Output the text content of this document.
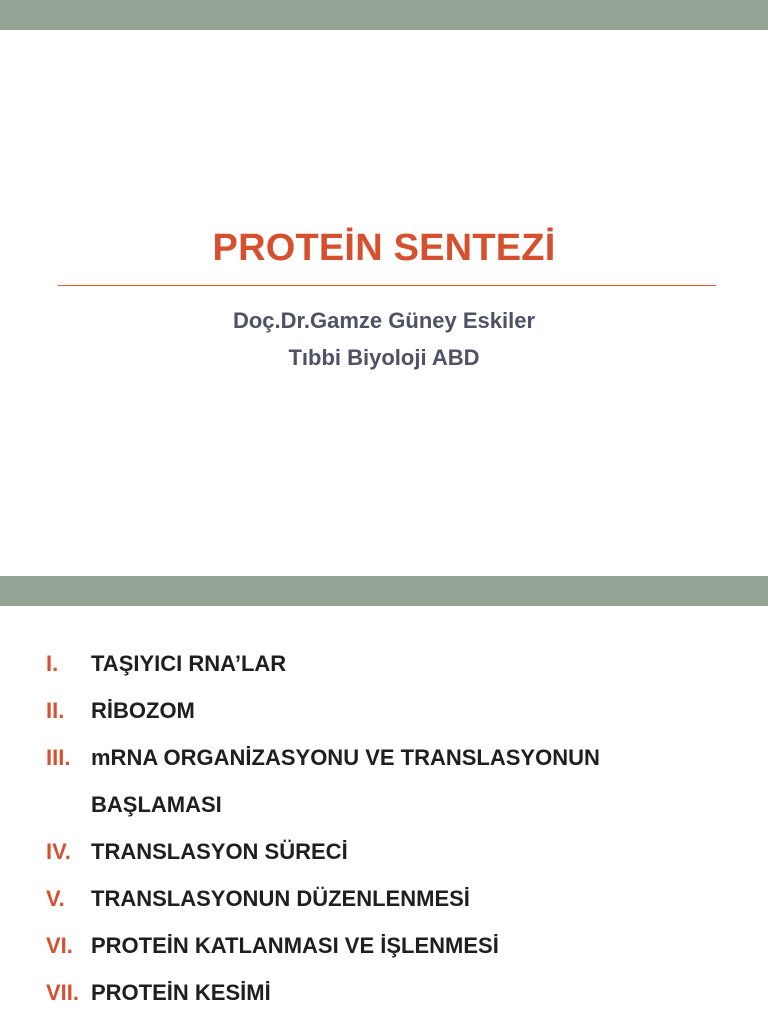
PROTEİN SENTEZİ
Doç.Dr.Gamze Güney Eskiler
Tıbbi Biyoloji ABD
I. TAŞIYICI RNA’LAR
II. RİBOZOM
III. mRNA ORGANİZASYONU VE TRANSLASYONUN BAŞLAMASI
IV. TRANSLASYON SÜRECİ
V. TRANSLASYONUN DÜZENLENMESİ
VI. PROTEİN KATLANMASI VE İŞLENMESİ
VII. PROTEİN KESİMİ
